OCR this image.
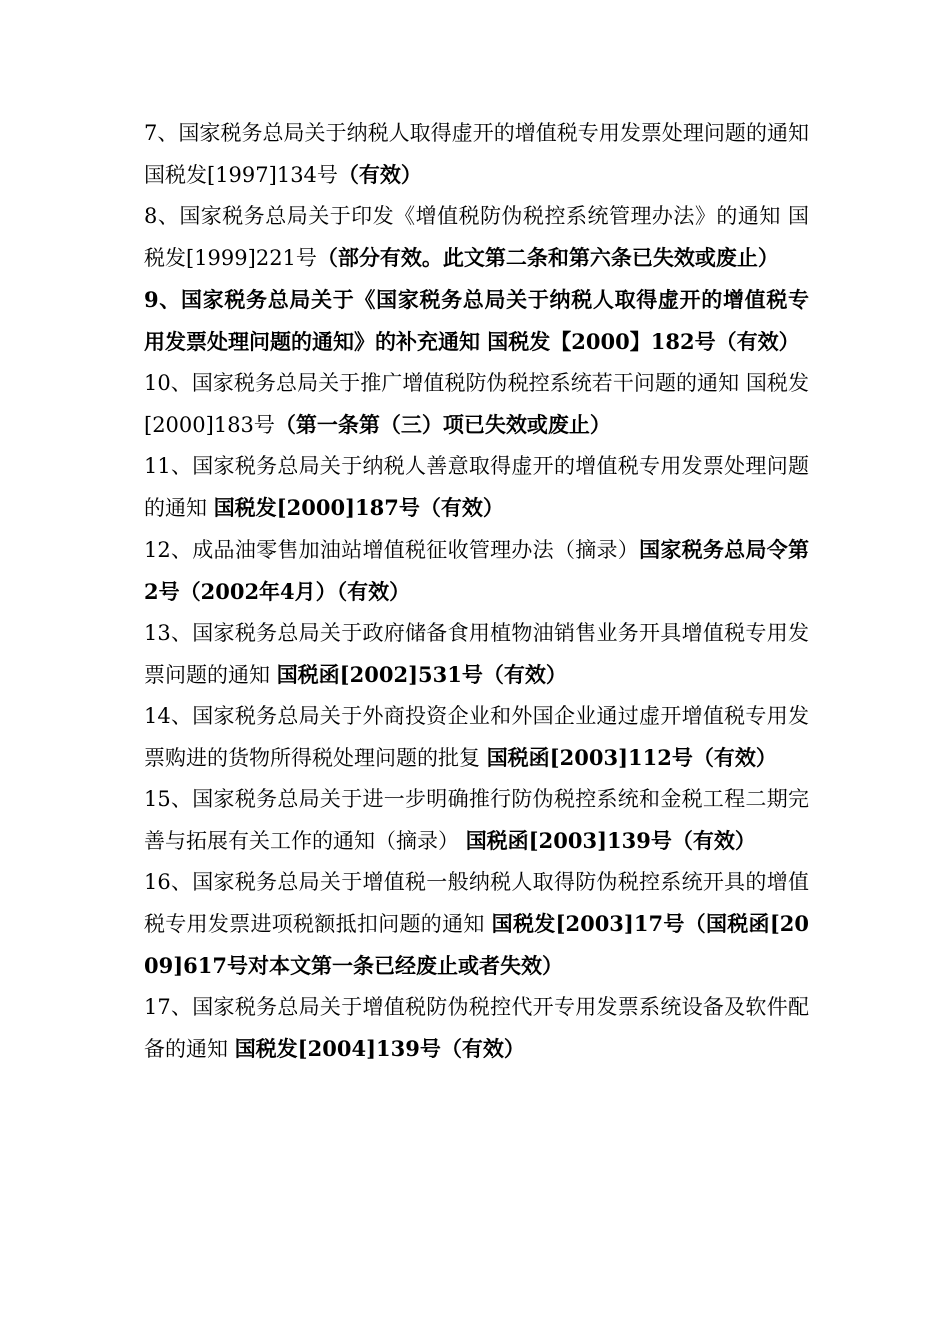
7、国家税务总局关于纳税人取得虚开的增值税专用发票处理问题的通知 国税发[1997]134号（有效）

8、国家税务总局关于印发《增值税防伪税控系统管理办法》的通知 国税发[1999]221号（部分有效。此文第二条和第六条已失效或废止）

9、国家税务总局关于《国家税务总局关于纳税人取得虚开的增值税专用发票处理问题的通知》的补充通知 国税发【2000】182号（有效）

10、国家税务总局关于推广增值税防伪税控系统若干问题的通知 国税发[2000]183号（第一条第（三）项已失效或废止）

11、国家税务总局关于纳税人善意取得虚开的增值税专用发票处理问题的通知 国税发[2000]187号（有效）

12、成品油零售加油站增值税征收管理办法（摘录）国家税务总局令第2号（2002年4月）（有效）

13、国家税务总局关于政府储备食用植物油销售业务开具增值税专用发票问题的通知 国税函[2002]531号（有效）

14、国家税务总局关于外商投资企业和外国企业通过虚开增值税专用发票购进的货物所得税处理问题的批复 国税函[2003]112号（有效）

15、国家税务总局关于进一步明确推行防伪税控系统和金税工程二期完善与拓展有关工作的通知（摘录） 国税函[2003]139号（有效）

16、国家税务总局关于增值税一般纳税人取得防伪税控系统开具的增值税专用发票进项税额抵扣问题的通知 国税发[2003]17号（国税函[2009]617号对本文第一条已经废止或者失效）

17、国家税务总局关于增值税防伪税控代开专用发票系统设备及软件配备的通知 国税发[2004]139号（有效）
